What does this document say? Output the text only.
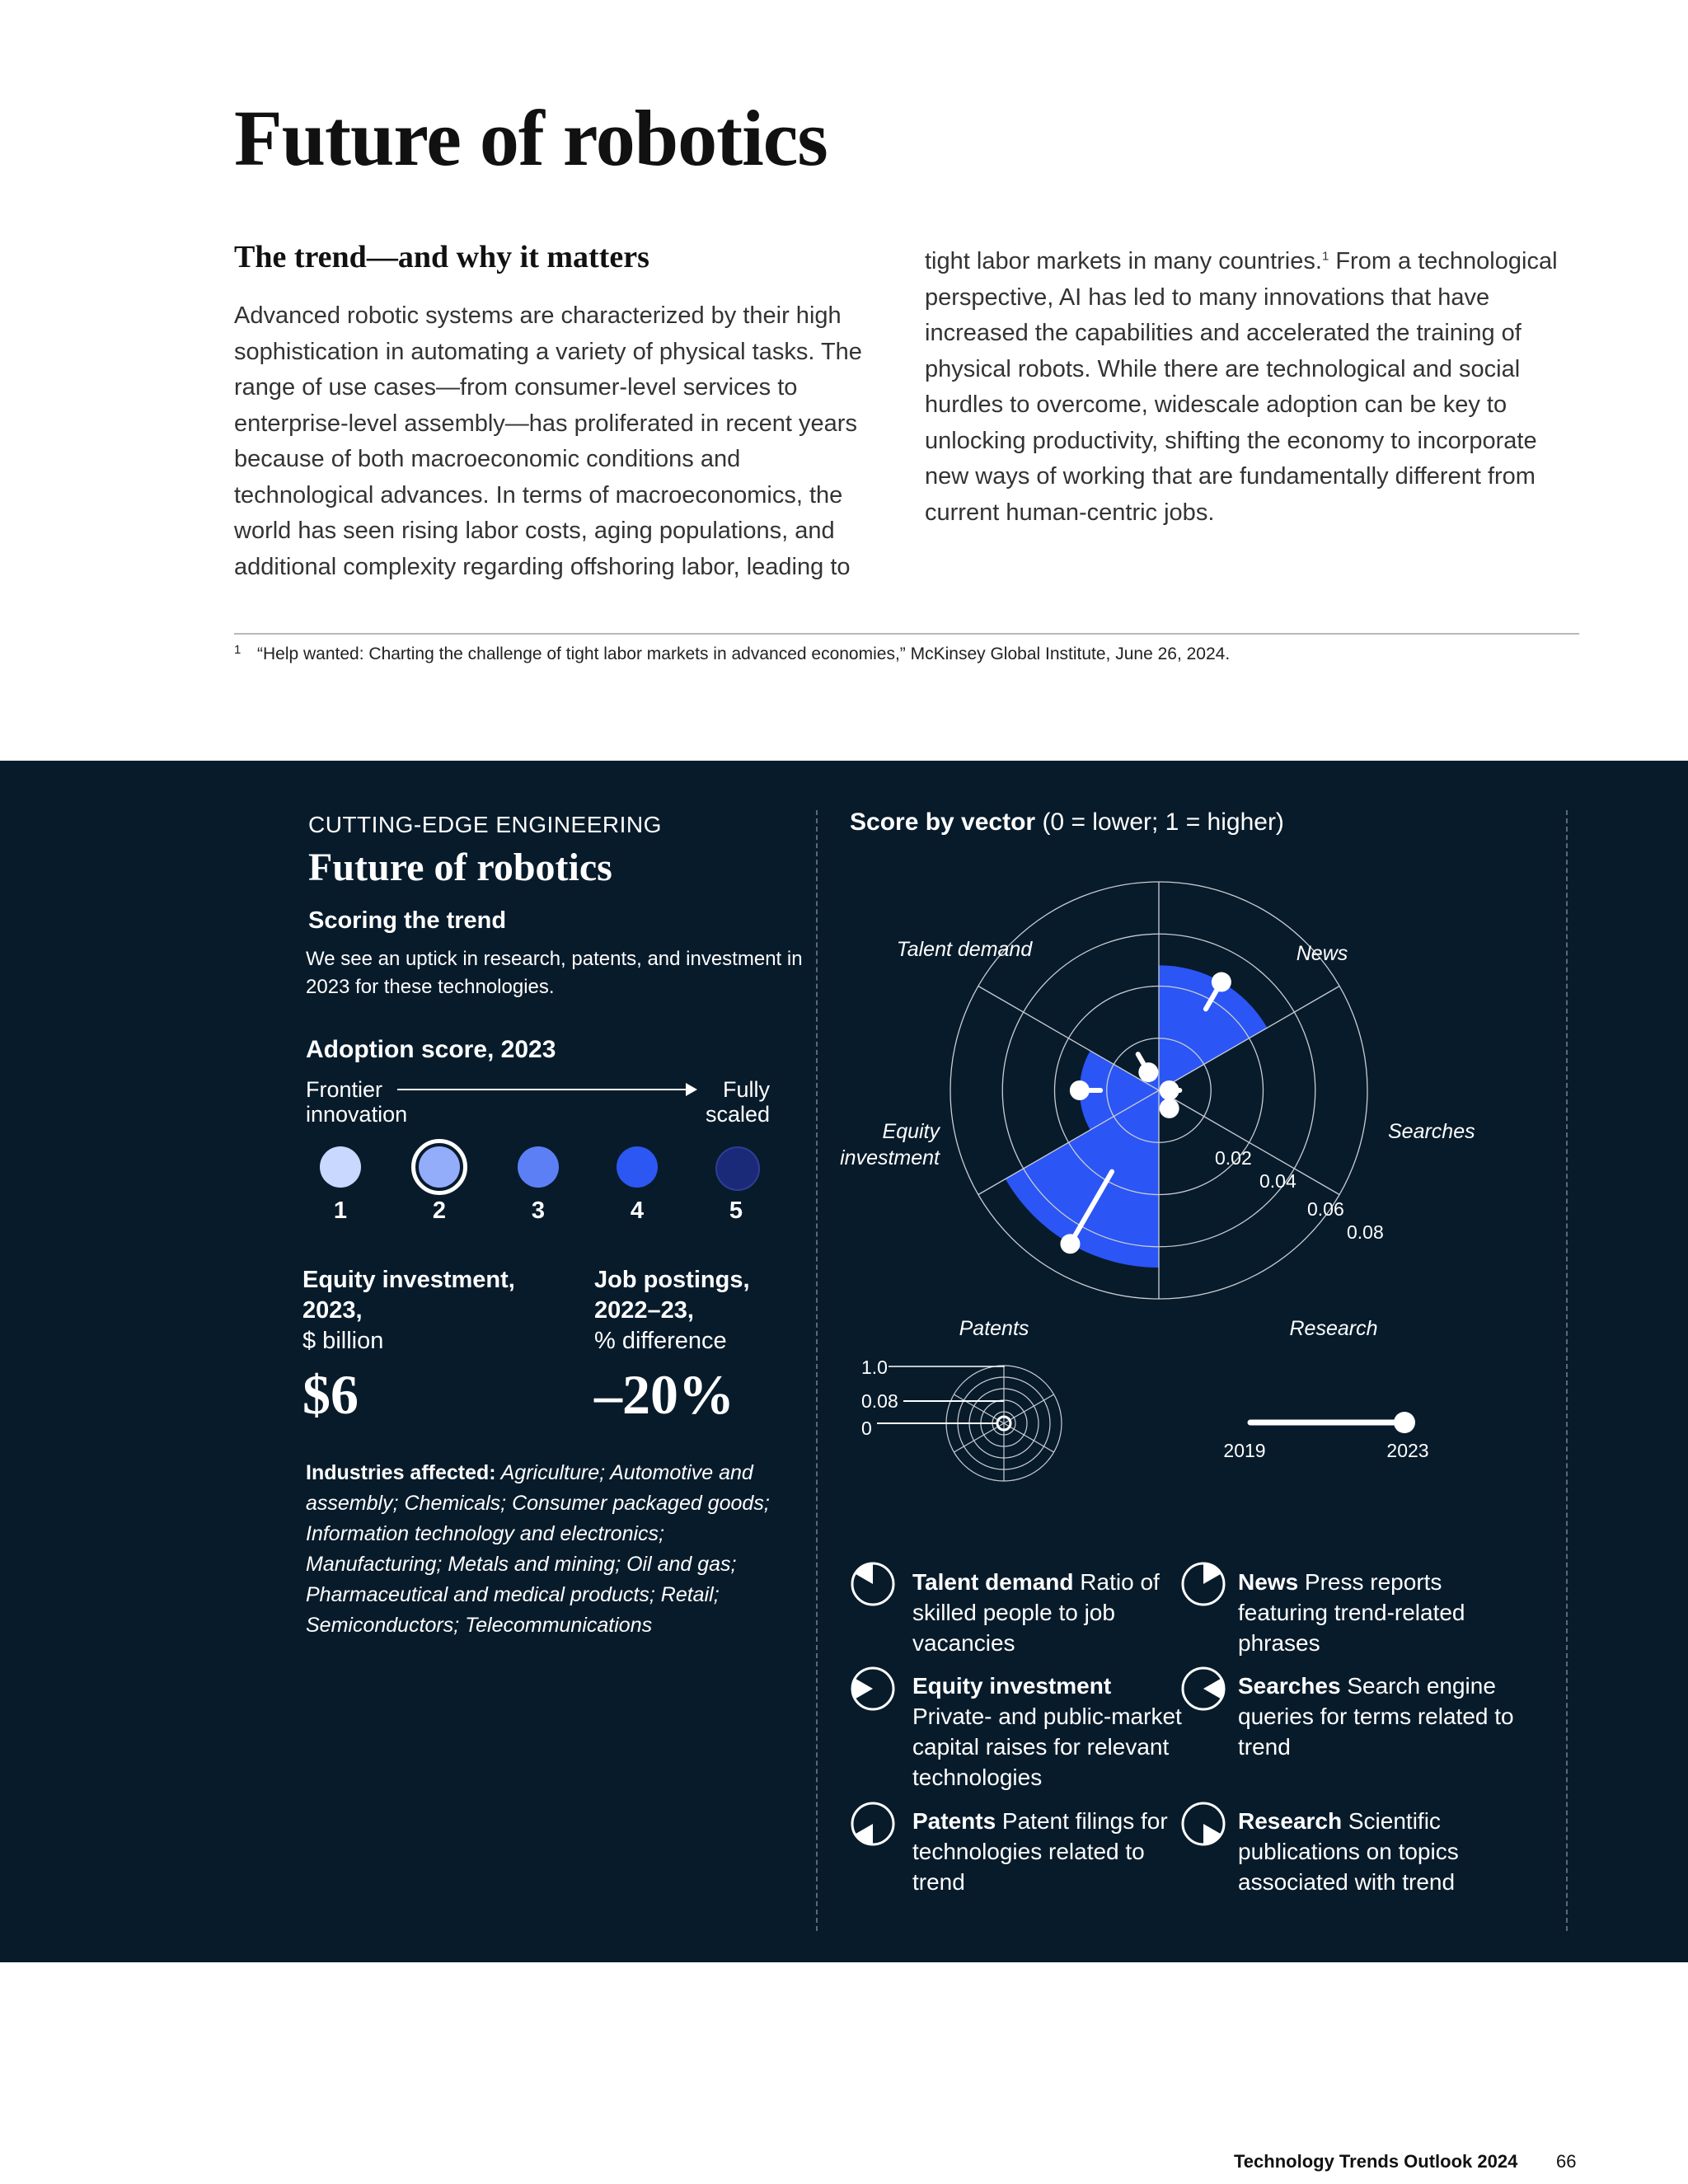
Future of robotics
The trend—and why it matters

Advanced robotic systems are characterized by their high sophistication in automating a variety of physical tasks. The range of use cases—from consumer-level services to enterprise-level assembly—has proliferated in recent years because of both macroeconomic conditions and technological advances. In terms of macroeconomics, the world has seen rising labor costs, aging populations, and additional complexity regarding offshoring labor, leading to

tight labor markets in many countries.$^1$ From a technological perspective, AI has led to many innovations that have increased the capabilities and accelerated the training of physical robots. While there are technological and social hurdles to overcome, widescale adoption can be key to unlocking productivity, shifting the economy to incorporate new ways of working that are fundamentally different from current human-centric jobs.

1 “Help wanted: Charting the challenge of tight labor markets in advanced economies,” McKinsey Global Institute, June 26, 2024.
CUTTING-EDGE ENGINEERING
Future of robotics
Scoring the trend

We see an uptick in research, patents, and investment in 2023 for these technologies.

Adoption score, 2023
Frontier
innovation
Fully
scaled
1	2	3	4	5
Equity investment,
2023,
$ billion
$6
Job postings,
2022–23,
% difference
–20%

Industries affected: Agriculture; Automotive and assembly; Chemicals; Consumer packaged goods; Information technology and electronics; Manufacturing; Metals and mining; Oil and gas; Pharmaceutical and medical products; Retail; Semiconductors; Telecommunications

Score by vector (0 = lower; 1 = higher)
0.02
0.04
0.06
0.08
Talent demand	News
Searches
Research
Patents
Equity
investment
1.0
0.08
0
2019	2023
Talent demand Ratio of skilled people to job vacancies
News Press reports featuring trend-related phrases
Equity investment Private- and public-market capital raises for relevant technologies
Searches Search engine queries for terms related to trend
Patents Patent filings for technologies related to trend
Research Scientific publications on topics associated with trend
Technology Trends Outlook 2024 66
